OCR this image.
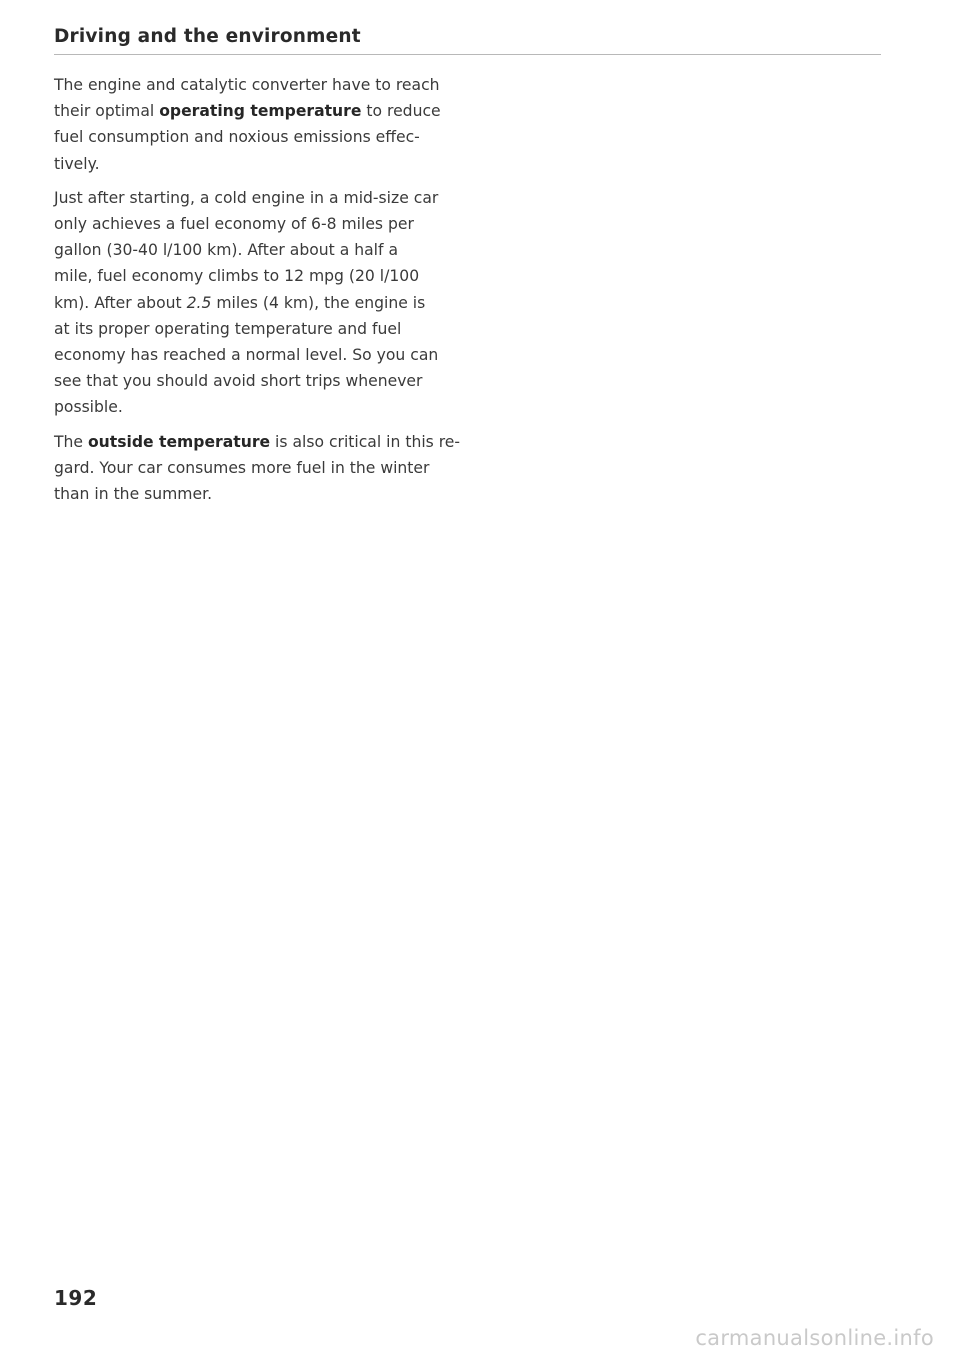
Driving and the environment

The engine and catalytic converter have to reach
their optimal operating temperature to reduce
fuel consumption and noxious emissions effec-
tively.

Just after starting, a cold engine in a mid-size car
only achieves a fuel economy of 6-8 miles per
gallon (30-40 l/100 km). After about a half a
mile, fuel economy climbs to 12 mpg (20 l/100
km). After about 2.5 miles (4 km), the engine is
at its proper operating temperature and fuel
economy has reached a normal level. So you can
see that you should avoid short trips whenever
possible.

The outside temperature is also critical in this re-
gard. Your car consumes more fuel in the winter
than in the summer.

192
carmanualsonline.info
